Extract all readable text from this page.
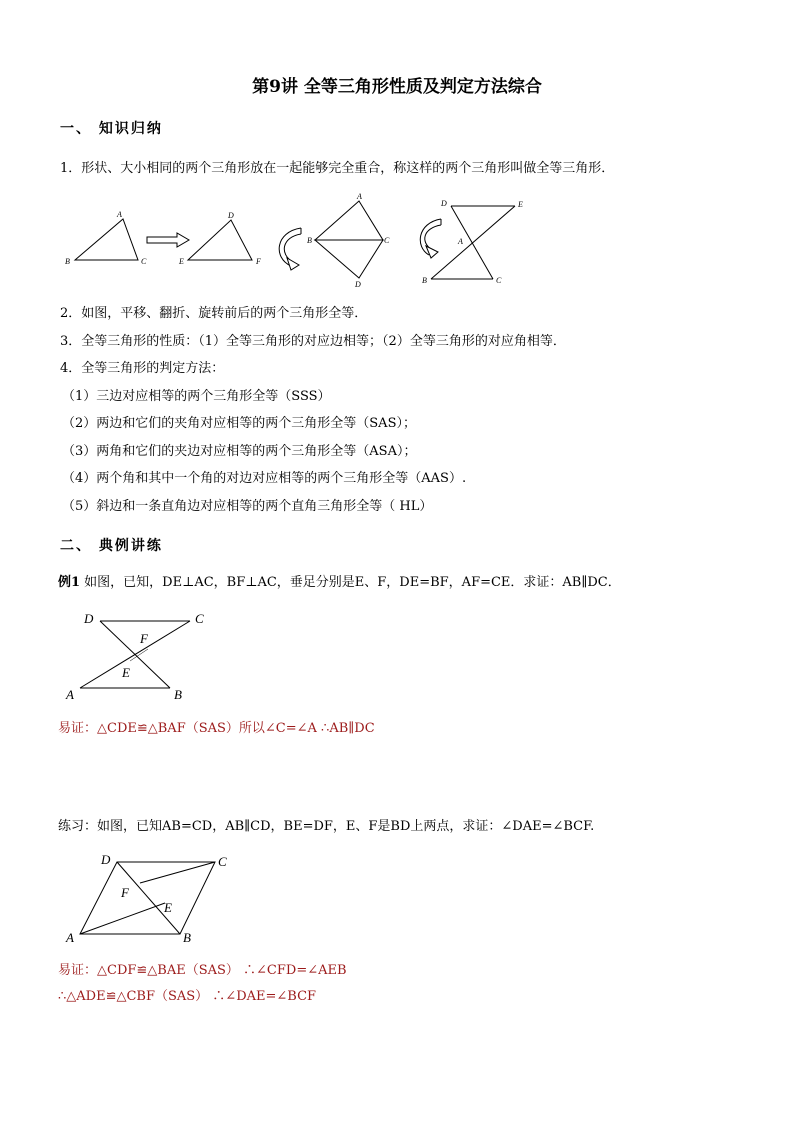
第9讲 全等三角形性质及判定方法综合
一、 知识归纳
1．形状、大小相同的两个三角形放在一起能够完全重合，称这样的两个三角形叫做全等三角形．
A
B	C
D
E	F
A
B	C
D
D	E
A
B	C
2．如图，平移、翻折、旋转前后的两个三角形全等．
3．全等三角形的性质：（1）全等三角形的对应边相等；（2）全等三角形的对应角相等．
4．全等三角形的判定方法：
（1）三边对应相等的两个三角形全等（SSS）
（2）两边和它们的夹角对应相等的两个三角形全等（SAS）；
（3）两角和它们的夹边对应相等的两个三角形全等（ASA）；
（4）两个角和其中一个角的对边对应相等的两个三角形全等（AAS）.
（5）斜边和一条直角边对应相等的两个直角三角形全等（ HL）
二、 典例讲练
例1 如图，已知，DE⊥AC，BF⊥AC，垂足分别是E、F，DE=BF，AF=CE．求证：AB∥DC．
D	C
F
E
A	B
易证：△CDE≌△BAF（SAS）所以∠C=∠A ∴AB∥DC
练习：如图，已知AB=CD，AB∥CD，BE=DF，E、F是BD上两点，求证：∠DAE=∠BCF.
D	C
F
E
A	B
易证：△CDF≌△BAE（SAS） ∴∠CFD=∠AEB
∴△ADE≌△CBF（SAS） ∴∠DAE=∠BCF
